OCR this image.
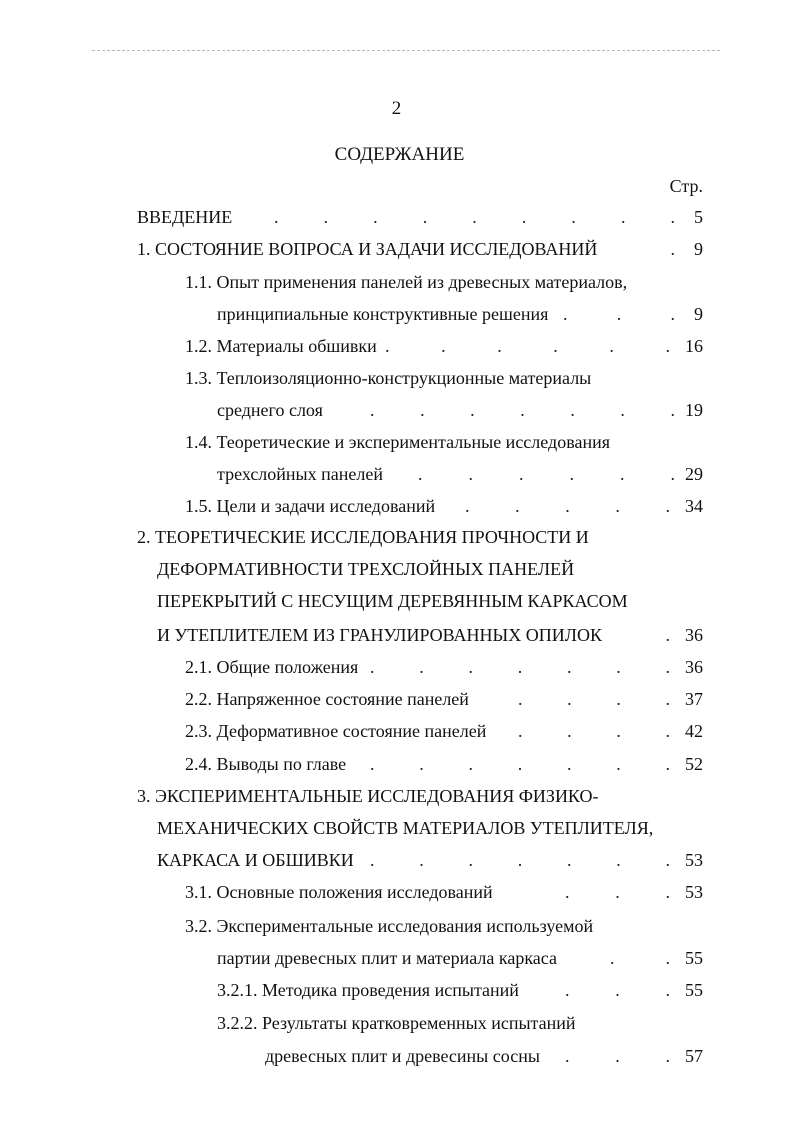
2
СОДЕРЖАНИЕ
Стр.
ВВЕДЕНИЕ .	.	.	.	.	.	.	.	. 5
1. СОСТОЯНИЕ ВОПРОСА И ЗАДАЧИ ИССЛЕДОВАНИЙ	. 9
1.1. Опыт применения панелей из древесных материалов,
принципиальные конструктивные решения .	.	. 9
1.2. Материалы обшивки .	.	.	.	.	. 16
1.3. Теплоизоляционно-конструкционные материалы
среднего слоя	.	.	.	.	.	.	. 19
1.4. Теоретические и экспериментальные исследования
трехслойных панелей .	.	.	.	.	. 29
1.5. Цели и задачи исследований .	.	.	.	. 34
2. ТЕОРЕТИЧЕСКИЕ ИССЛЕДОВАНИЯ ПРОЧНОСТИ И
ДЕФОРМАТИВНОСТИ ТРЕХСЛОЙНЫХ ПАНЕЛЕЙ
ПЕРЕКРЫТИЙ С НЕСУЩИМ ДЕРЕВЯННЫМ КАРКАСОМ
И УТЕПЛИТЕЛЕМ ИЗ ГРАНУЛИРОВАННЫХ ОПИЛОК	. 36
2.1. Общие положения . . . . . . . 36
2.2. Напряженное состояние панелей	. . . . 37
2.3. Деформативное состояние панелей . . . . 42
2.4. Выводы по главе . . . . . . . 52
3. ЭКСПЕРИМЕНТАЛЬНЫЕ ИССЛЕДОВАНИЯ ФИЗИКО-
МЕХАНИЧЕСКИХ СВОЙСТВ МАТЕРИАЛОВ УТЕПЛИТЕЛЯ,
КАРКАСА И ОБШИВКИ . . . . . . . 53
3.1. Основные положения исследований	.	.	. 53
3.2. Экспериментальные исследования используемой
партии древесных плит и материала каркаса	.	. 55
3.2.1. Методика проведения испытаний	.	.	. 55
3.2.2. Результаты кратковременных испытаний
древесных плит и древесины сосны .	.	. 57
